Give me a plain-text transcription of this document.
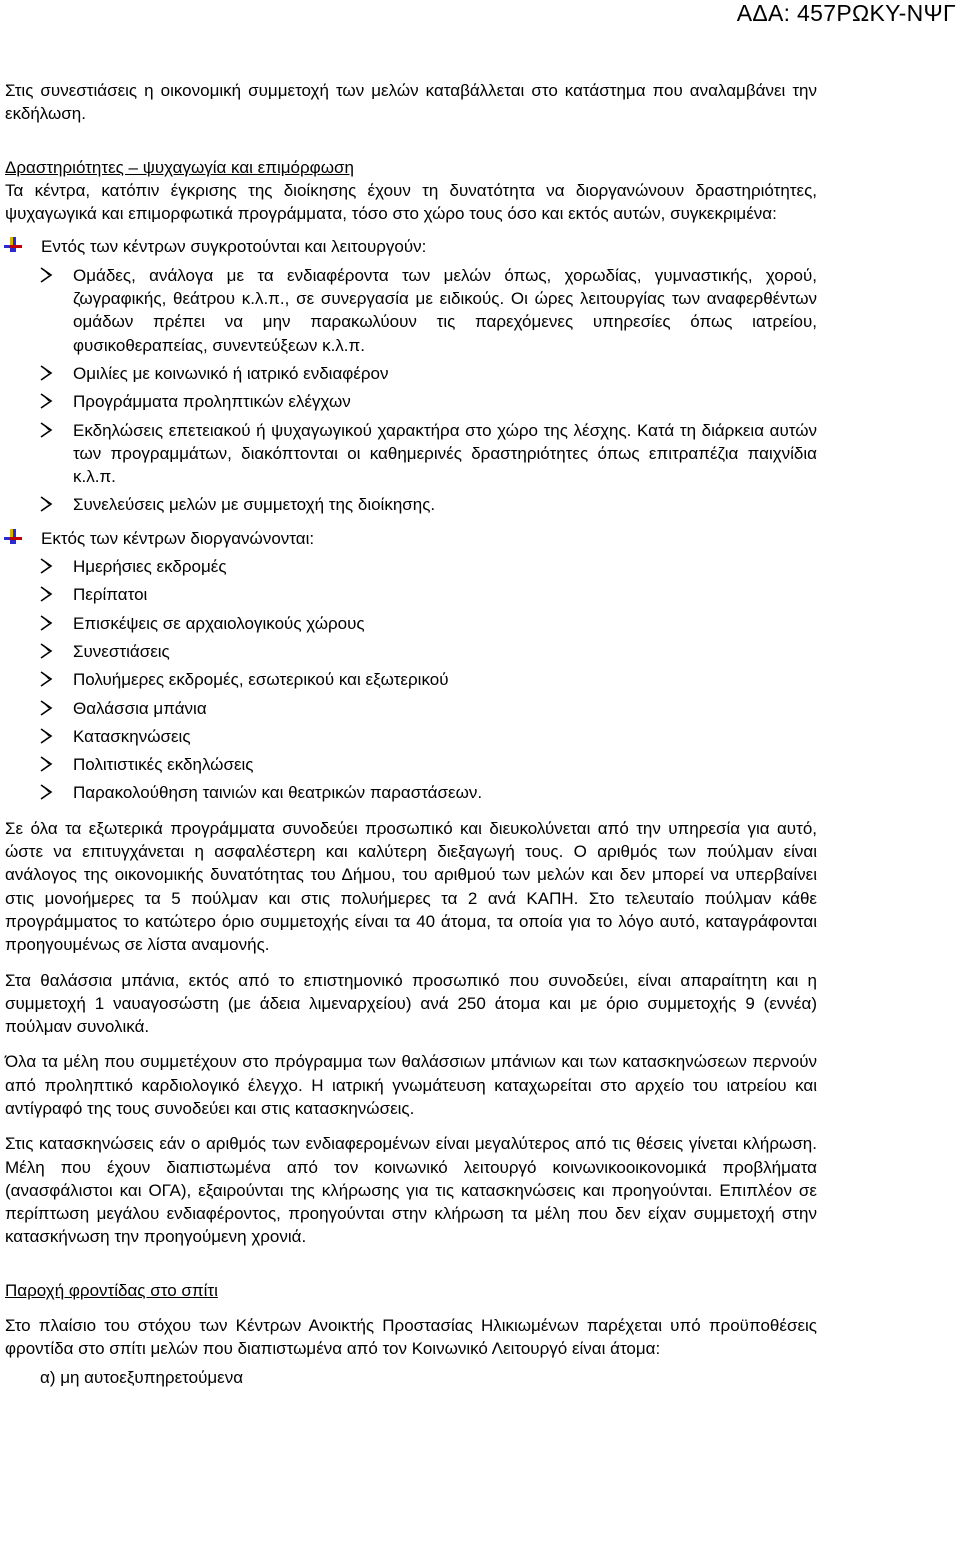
ΑΔΑ: 457ΡΩΚΥ-ΝΨΓ

Στις συνεστιάσεις η οικονομική συμμετοχή των μελών καταβάλλεται στο κατάστημα που αναλαμβάνει την εκδήλωση.

Δραστηριότητες – ψυχαγωγία και επιμόρφωση

Τα κέντρα, κατόπιν έγκρισης της διοίκησης έχουν τη δυνατότητα να διοργανώνουν δραστηριότητες, ψυχαγωγικά και επιμορφωτικά προγράμματα, τόσο στο χώρο τους όσο και εκτός αυτών, συγκεκριμένα:

Εντός των κέντρων συγκροτούνται και λειτουργούν:
Ομάδες, ανάλογα με τα ενδιαφέροντα των μελών όπως, χορωδίας, γυμναστικής, χορού, ζωγραφικής, θεάτρου κ.λ.π., σε συνεργασία με ειδικούς. Οι ώρες λειτουργίας των αναφερθέντων ομάδων πρέπει να μην παρακωλύουν τις παρεχόμενες υπηρεσίες όπως ιατρείου, φυσικοθεραπείας, συνεντεύξεων κ.λ.π.
Ομιλίες με κοινωνικό ή ιατρικό ενδιαφέρον
Προγράμματα προληπτικών ελέγχων
Εκδηλώσεις επετειακού ή ψυχαγωγικού χαρακτήρα στο χώρο της λέσχης. Κατά τη διάρκεια αυτών των προγραμμάτων, διακόπτονται οι καθημερινές δραστηριότητες όπως επιτραπέζια παιχνίδια κ.λ.π.
Συνελεύσεις μελών με συμμετοχή της διοίκησης.
Εκτός των κέντρων διοργανώνονται:
Ημερήσιες εκδρομές
Περίπατοι
Επισκέψεις σε αρχαιολογικούς χώρους
Συνεστιάσεις
Πολυήμερες εκδρομές, εσωτερικού και εξωτερικού
Θαλάσσια μπάνια
Κατασκηνώσεις
Πολιτιστικές εκδηλώσεις
Παρακολούθηση ταινιών και θεατρικών παραστάσεων.

Σε όλα τα εξωτερικά προγράμματα συνοδεύει προσωπικό και διευκολύνεται από την υπηρεσία για αυτό, ώστε να επιτυγχάνεται η ασφαλέστερη και καλύτερη διεξαγωγή τους. Ο αριθμός των πούλμαν είναι ανάλογος της οικονομικής δυνατότητας του Δήμου, του αριθμού των μελών και δεν μπορεί να υπερβαίνει στις μονοήμερες τα 5 πούλμαν και στις πολυήμερες τα 2 ανά ΚΑΠΗ. Στο τελευταίο πούλμαν κάθε προγράμματος το κατώτερο όριο συμμετοχής είναι τα 40 άτομα, τα οποία για το λόγο αυτό, καταγράφονται προηγουμένως σε λίστα αναμονής.

Στα θαλάσσια μπάνια, εκτός από το επιστημονικό προσωπικό που συνοδεύει, είναι απαραίτητη και η συμμετοχή 1 ναυαγοσώστη (με άδεια λιμεναρχείου) ανά 250 άτομα και με όριο συμμετοχής 9 (εννέα) πούλμαν συνολικά.

Όλα τα μέλη που συμμετέχουν στο πρόγραμμα των θαλάσσιων μπάνιων και των κατασκηνώσεων περνούν από προληπτικό καρδιολογικό έλεγχο. Η ιατρική γνωμάτευση καταχωρείται στο αρχείο του ιατρείου και αντίγραφό της τους συνοδεύει και στις κατασκηνώσεις.

Στις κατασκηνώσεις εάν ο αριθμός των ενδιαφερομένων είναι μεγαλύτερος από τις θέσεις γίνεται κλήρωση. Μέλη που έχουν διαπιστωμένα από τον κοινωνικό λειτουργό κοινωνικοοικονομικά προβλήματα (ανασφάλιστοι και ΟΓΑ), εξαιρούνται της κλήρωσης για τις κατασκηνώσεις και προηγούνται. Επιπλέον σε περίπτωση μεγάλου ενδιαφέροντος, προηγούνται στην κλήρωση τα μέλη που δεν είχαν συμμετοχή στην κατασκήνωση την προηγούμενη χρονιά.

Παροχή φροντίδας στο σπίτι

Στο πλαίσιο του στόχου των Κέντρων Ανοικτής Προστασίας Ηλικιωμένων παρέχεται υπό προϋποθέσεις φροντίδα στο σπίτι μελών που διαπιστωμένα από τον Κοινωνικό Λειτουργό είναι άτομα:

α) μη αυτοεξυπηρετούμενα
